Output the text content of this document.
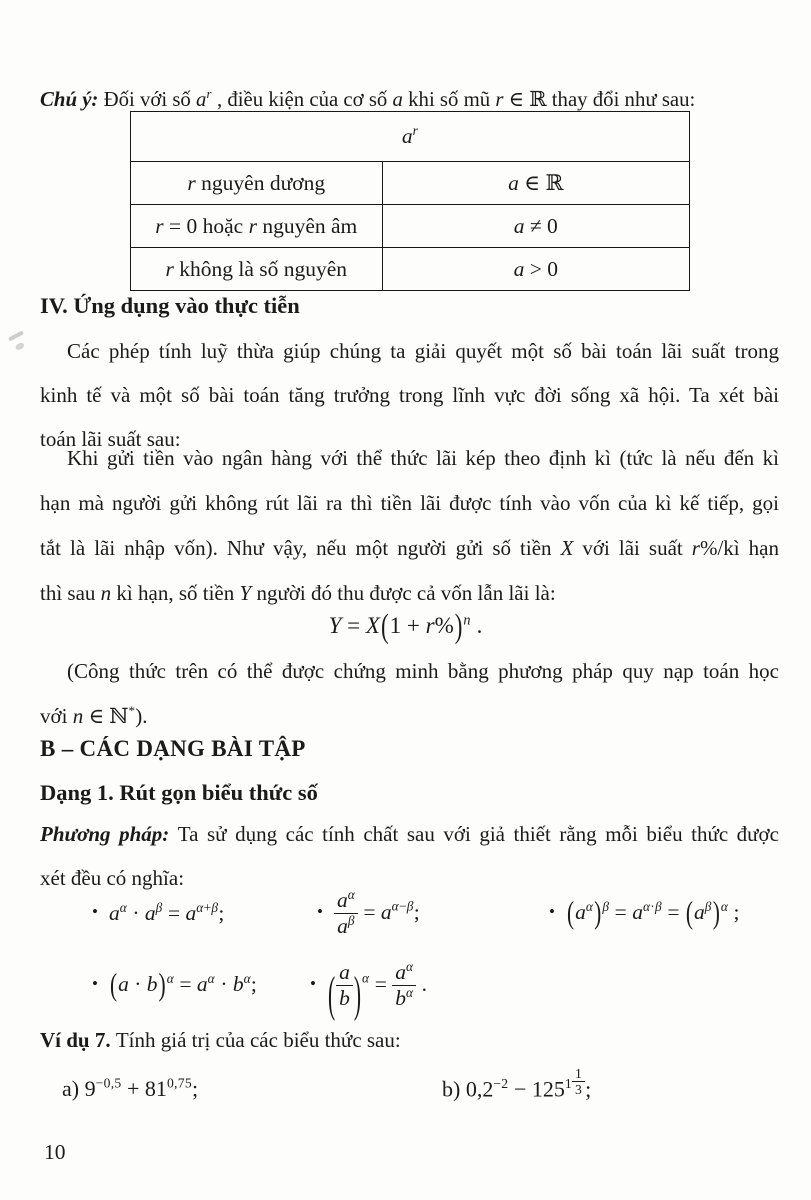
Chú ý: Đối với số $a^r$ , điều kiện của cơ số a khi số mũ r ∈ ℝ thay đổi như sau:

$a^r$
r nguyên dương	a ∈ ℝ
r = 0 hoặc r nguyên âm	a ≠ 0
r không là số nguyên	a > 0
IV. Ứng dụng vào thực tiễn
Các phép tính luỹ thừa giúp chúng ta giải quyết một số bài toán lãi suất trong
kinh tế và một số bài toán tăng trưởng trong lĩnh vực đời sống xã hội. Ta xét bài
toán lãi suất sau:
Khi gửi tiền vào ngân hàng với thể thức lãi kép theo định kì (tức là nếu đến kì
hạn mà người gửi không rút lãi ra thì tiền lãi được tính vào vốn của kì kế tiếp, gọi
tắt là lãi nhập vốn). Như vậy, nếu một người gửi số tiền X với lãi suất r%/kì hạn
thì sau n kì hạn, số tiền Y người đó thu được cả vốn lẫn lãi là:
$Y = X(1 + r\%)^n$ .
(Công thức trên có thể được chứng minh bằng phương pháp quy nạp toán học
với n ∈ ℕ*).
B – CÁC DẠNG BÀI TẬP
Dạng 1. Rút gọn biểu thức số
Phương pháp: Ta sử dụng các tính chất sau với giả thiết rằng mỗi biểu thức được
xét đều có nghĩa:
• $a^\alpha \cdot a^\beta = a^{\alpha+\beta}$;	• $\frac{a^\alpha}{a^\beta} = a^{\alpha-\beta}$;	• $(a^\alpha)^\beta = a^{\alpha\cdot\beta} = (a^\beta)^\alpha$ ;
• $(a \cdot b)^\alpha = a^\alpha \cdot b^\alpha$;	• ( $\frac{a}{b} )^\alpha = \frac{a^\alpha}{b^\alpha}$ .

Ví dụ 7. Tính giá trị của các biểu thức sau:

a) $9^{-0,5} + 81^{0,75}$;	b) $0,2^{-2} - 125^{1 \frac{1}{3}}$ ;
10
